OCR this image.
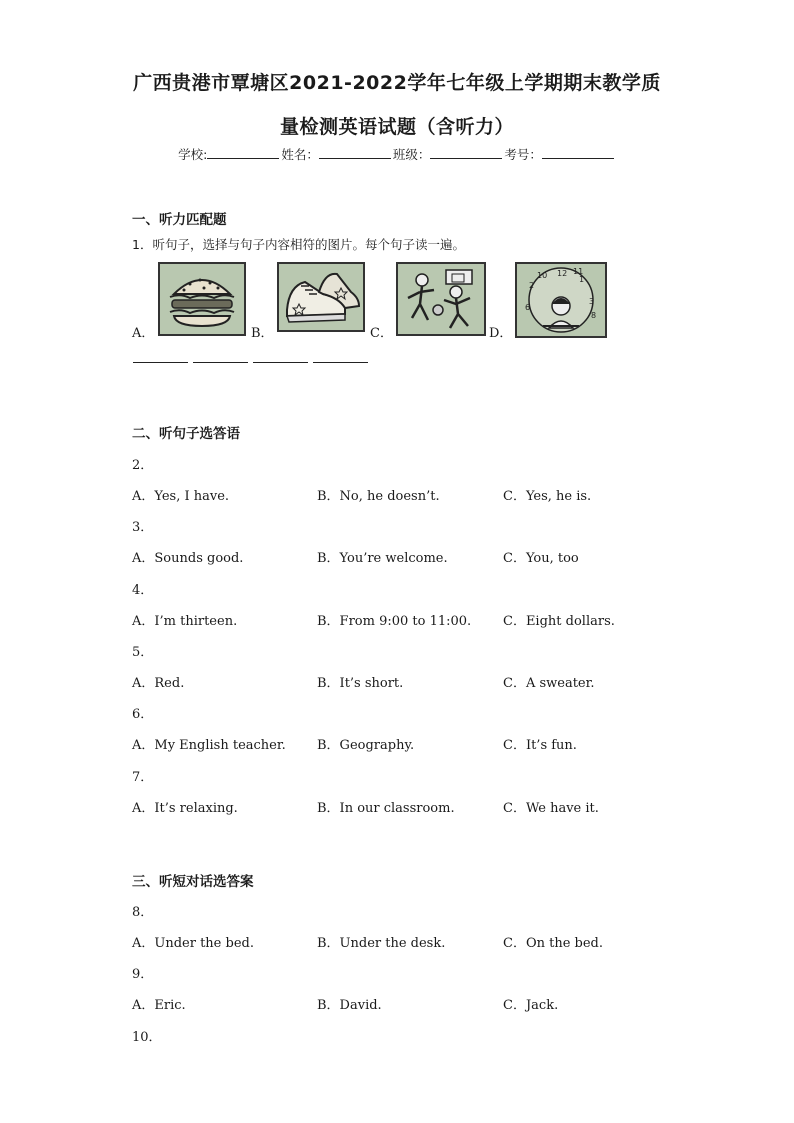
广西贵港市覃塘区2021-2022学年七年级上学期期末教学质
量检测英语试题（含听力）
学校:	姓名：	班级：	考号：
一、听力匹配题
1．听句子，选择与句子内容相符的图片。每个句子读一遍。
A．	B．	C．	D．
12
1
3
2
6
8
10	11
二、听句子选答语
2．
A．Yes, I have.	B．No, he doesn’t.	C．Yes, he is.
3．
A．Sounds good.	B．You’re welcome.	C．You, too
4．
A．I’m thirteen.	B．From 9:00 to 11:00. C．Eight dollars.
5．
A．Red.	B．It’s short.	C．A sweater.
6．
A．My English teacher. B．Geography.	C．It’s fun.
7．
A．It’s relaxing.	B．In our classroom.	C．We have it.
三、听短对话选答案
8．
A．Under the bed.	B．Under the desk.	C．On the bed.
9．
A．Eric.	B．David.	C．Jack.
10．
